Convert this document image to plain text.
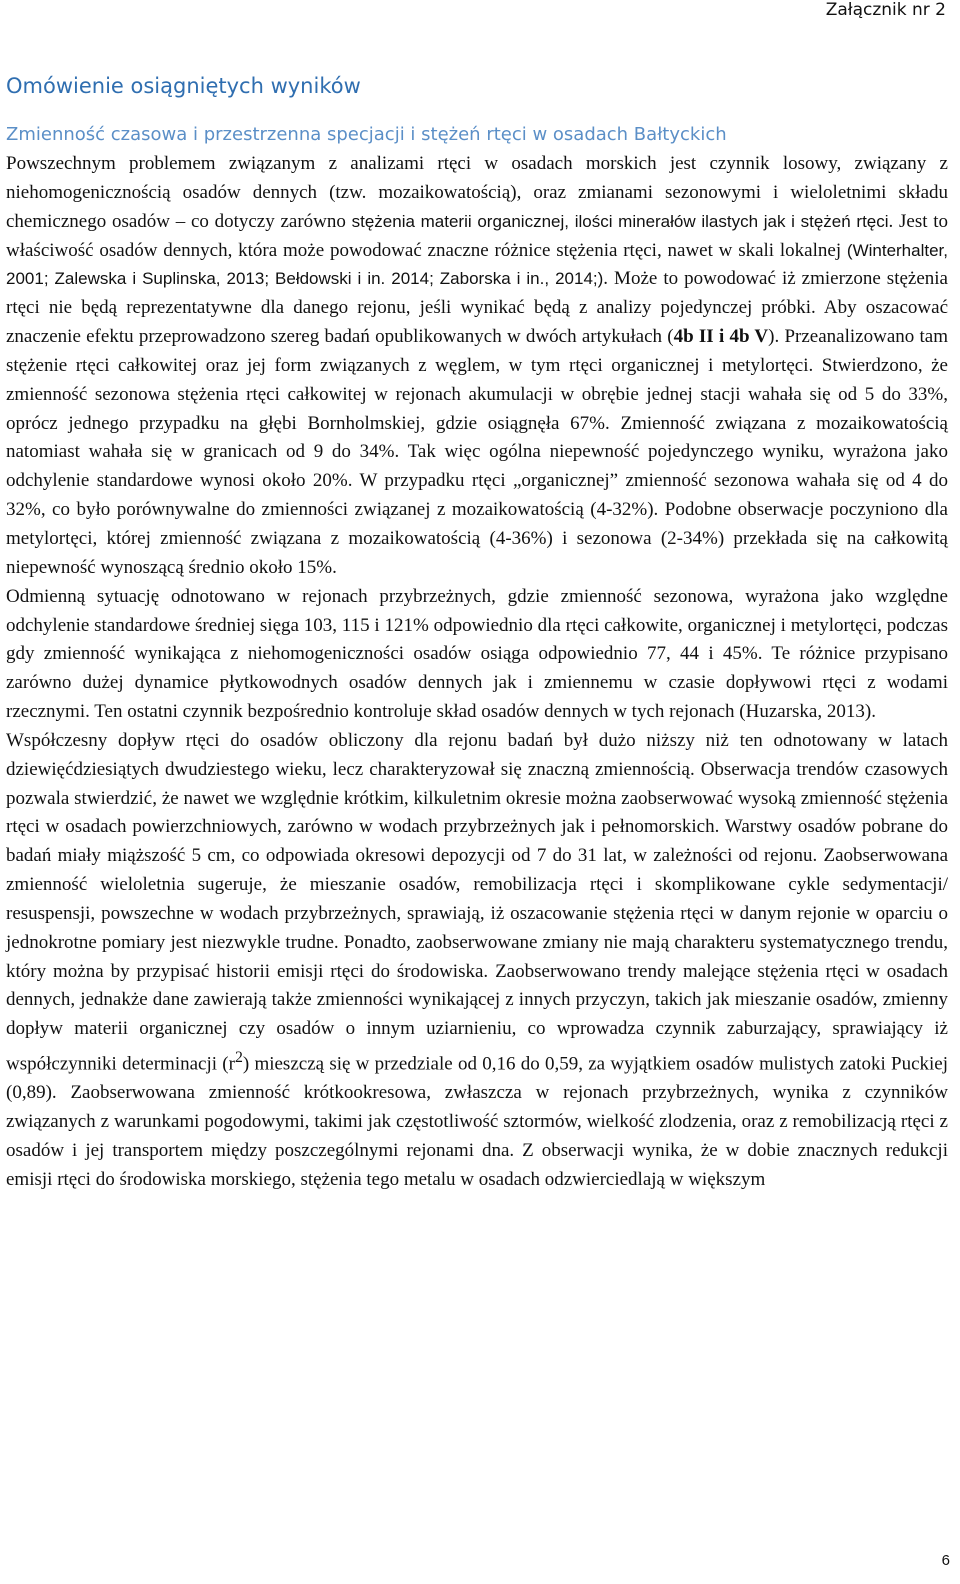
Załącznik nr 2
Omówienie osiągniętych wyników
Zmienność czasowa i przestrzenna specjacji i stężeń rtęci w osadach Bałtyckich

Powszechnym problemem związanym z analizami rtęci w osadach morskich jest czynnik losowy, związany z niehomogenicznością osadów dennych (tzw. mozaikowatością), oraz zmianami sezonowymi i wieloletnimi składu chemicznego osadów – co dotyczy zarówno stężenia materii organicznej, ilości minerałów ilastych jak i stężeń rtęci. Jest to właściwość osadów dennych, która może powodować znaczne różnice stężenia rtęci, nawet w skali lokalnej (Winterhalter, 2001; Zalewska i Suplinska, 2013; Bełdowski i in. 2014; Zaborska i in., 2014;). Może to powodować iż zmierzone stężenia rtęci nie będą reprezentatywne dla danego rejonu, jeśli wynikać będą z analizy pojedynczej próbki. Aby oszacować znaczenie efektu przeprowadzono szereg badań opublikowanych w dwóch artykułach (4b II i 4b V). Przeanalizowano tam stężenie rtęci całkowitej oraz jej form związanych z węglem, w tym rtęci organicznej i metylortęci. Stwierdzono, że zmienność sezonowa stężenia rtęci całkowitej w rejonach akumulacji w obrębie jednej stacji wahała się od 5 do 33%, oprócz jednego przypadku na głębi Bornholmskiej, gdzie osiągnęła 67%. Zmienność związana z mozaikowatością natomiast wahała się w granicach od 9 do 34%. Tak więc ogólna niepewność pojedynczego wyniku, wyrażona jako odchylenie standardowe wynosi około 20%. W przypadku rtęci „organicznej” zmienność sezonowa wahała się od 4 do 32%, co było porównywalne do zmienności związanej z mozaikowatością (4-32%). Podobne obserwacje poczyniono dla metylortęci, której zmienność związana z mozaikowatością (4-36%) i sezonowa (2-34%) przekłada się na całkowitą niepewność wynoszącą średnio około 15%.

Odmienną sytuację odnotowano w rejonach przybrzeżnych, gdzie zmienność sezonowa, wyrażona jako względne odchylenie standardowe średniej sięga 103, 115 i 121% odpowiednio dla rtęci całkowite, organicznej i metylortęci, podczas gdy zmienność wynikająca z niehomogeniczności osadów osiąga odpowiednio 77, 44 i 45%. Te różnice przypisano zarówno dużej dynamice płytkowodnych osadów dennych jak i zmiennemu w czasie dopływowi rtęci z wodami rzecznymi. Ten ostatni czynnik bezpośrednio kontroluje skład osadów dennych w tych rejonach (Huzarska, 2013).

Współczesny dopływ rtęci do osadów obliczony dla rejonu badań był dużo niższy niż ten odnotowany w latach dziewięćdziesiątych dwudziestego wieku, lecz charakteryzował się znaczną zmiennością. Obserwacja trendów czasowych pozwala stwierdzić, że nawet we względnie krótkim, kilkuletnim okresie można zaobserwować wysoką zmienność stężenia rtęci w osadach powierzchniowych, zarówno w wodach przybrzeżnych jak i pełnomorskich. Warstwy osadów pobrane do badań miały miąższość 5 cm, co odpowiada okresowi depozycji od 7 do 31 lat, w zależności od rejonu. Zaobserwowana zmienność wieloletnia sugeruje, że mieszanie osadów, remobilizacja rtęci i skomplikowane cykle sedymentacji/ resuspensji, powszechne w wodach przybrzeżnych, sprawiają, iż oszacowanie stężenia rtęci w danym rejonie w oparciu o jednokrotne pomiary jest niezwykle trudne. Ponadto, zaobserwowane zmiany nie mają charakteru systematycznego trendu, który można by przypisać historii emisji rtęci do środowiska. Zaobserwowano trendy malejące stężenia rtęci w osadach dennych, jednakże dane zawierają także zmienności wynikającej z innych przyczyn, takich jak mieszanie osadów, zmienny dopływ materii organicznej czy osadów o innym uziarnieniu, co wprowadza czynnik zaburzający, sprawiający iż współczynniki determinacji $(r^2)$ mieszczą się w przedziale od 0,16 do 0,59, za wyjątkiem osadów mulistych zatoki Puckiej (0,89). Zaobserwowana zmienność krótkookresowa, zwłaszcza w rejonach przybrzeżnych, wynika z czynników związanych z warunkami pogodowymi, takimi jak częstotliwość sztormów, wielkość zlodzenia, oraz z remobilizacją rtęci z osadów i jej transportem między poszczególnymi rejonami dna. Z obserwacji wynika, że w dobie znacznych redukcji emisji rtęci do środowiska morskiego, stężenia tego metalu w osadach odzwierciedlają w większym

6
